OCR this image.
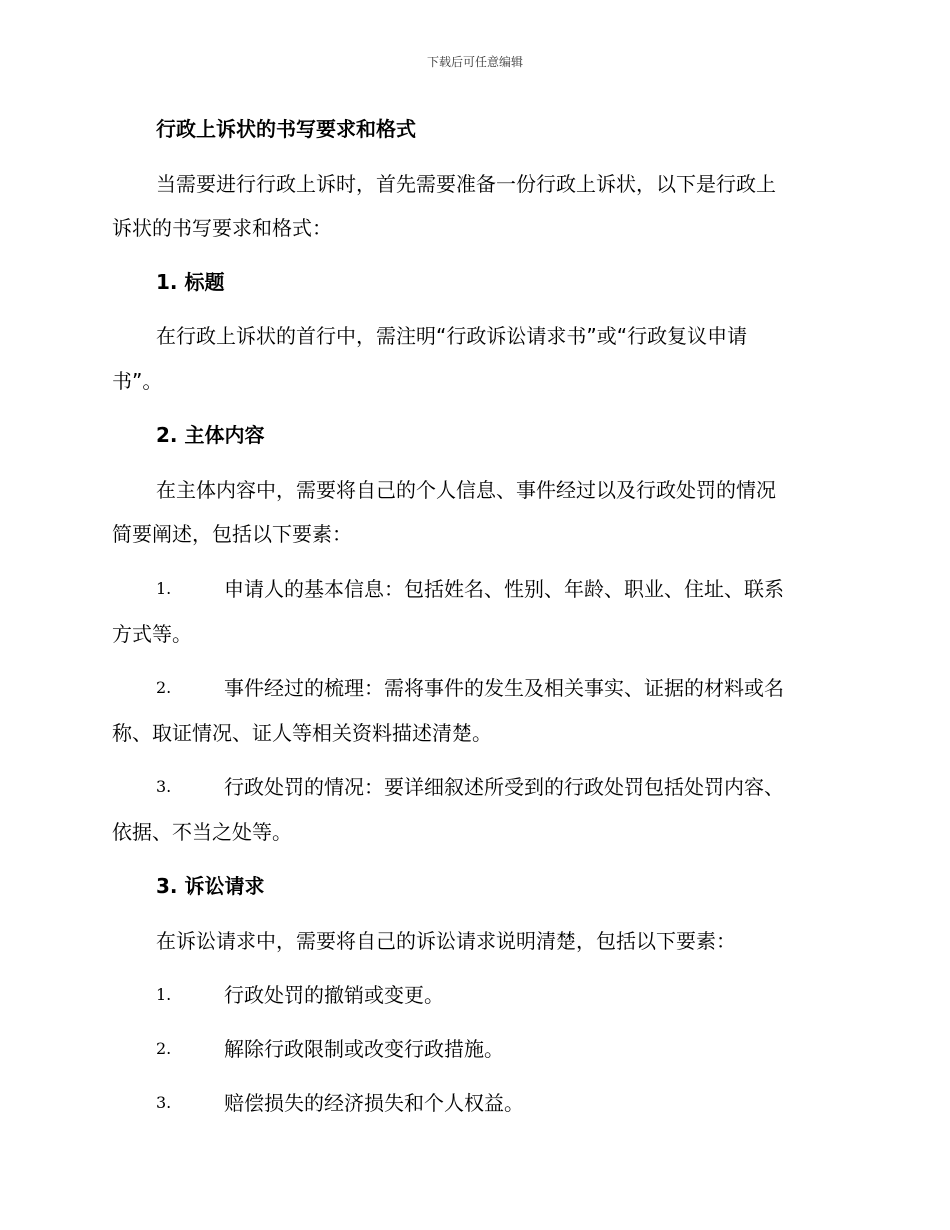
下载后可任意编辑
行政上诉状的书写要求和格式
当需要进行行政上诉时，首先需要准备一份行政上诉状，以下是行政上
诉状的书写要求和格式：
1. 标题
在行政上诉状的首行中，需注明“行政诉讼请求书”或“行政复议申请
书”。
2. 主体内容
在主体内容中，需要将自己的个人信息、事件经过以及行政处罚的情况
简要阐述，包括以下要素：
1.	申请人的基本信息：包括姓名、性别、年龄、职业、住址、联系
方式等。
2.	事件经过的梳理：需将事件的发生及相关事实、证据的材料或名
称、取证情况、证人等相关资料描述清楚。
3.	行政处罚的情况：要详细叙述所受到的行政处罚包括处罚内容、
依据、不当之处等。
3. 诉讼请求
在诉讼请求中，需要将自己的诉讼请求说明清楚，包括以下要素：
1.	行政处罚的撤销或变更。
2.	解除行政限制或改变行政措施。
3.	赔偿损失的经济损失和个人权益。
